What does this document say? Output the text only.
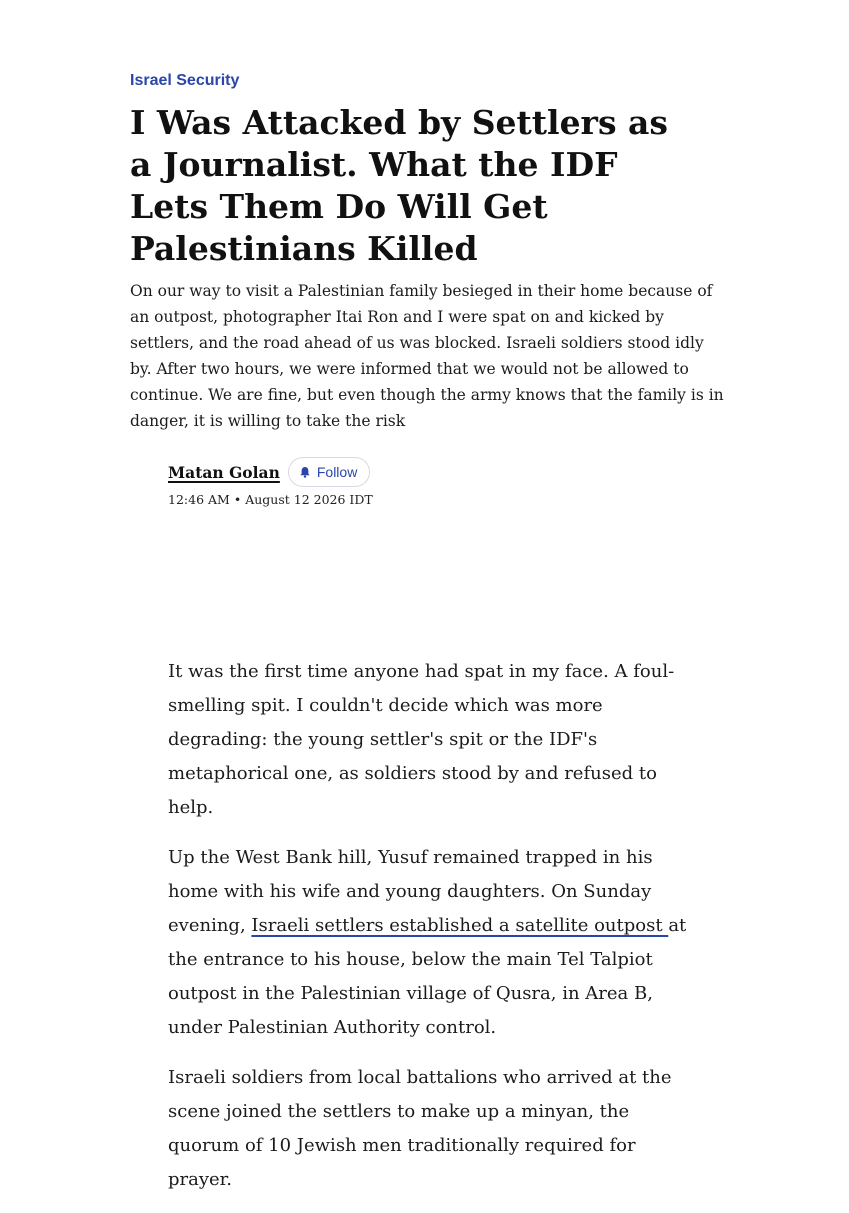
Israel Security
I Was Attacked by Settlers as a Journalist. What the IDF Lets Them Do Will Get Palestinians Killed

On our way to visit a Palestinian family besieged in their home because of an outpost, photographer Itai Ron and I were spat on and kicked by settlers, and the road ahead of us was blocked. Israeli soldiers stood idly by. After two hours, we were informed that we would not be allowed to continue. We are fine, but even though the army knows that the family is in danger, it is willing to take the risk

Matan Golan	Follow
12:46 AM • August 12 2026 IDT

It was the first time anyone had spat in my face. A foul-smelling spit. I couldn't decide which was more degrading: the young settler's spit or the IDF's metaphorical one, as soldiers stood by and refused to help.

Up the West Bank hill, Yusuf remained trapped in his home with his wife and young daughters. On Sunday evening, Israeli settlers established a satellite outpost at the entrance to his house, below the main Tel Talpiot outpost in the Palestinian village of Qusra, in Area B, under Palestinian Authority control.

Israeli soldiers from local battalions who arrived at the scene joined the settlers to make up a minyan, the quorum of 10 Jewish men traditionally required for prayer.
